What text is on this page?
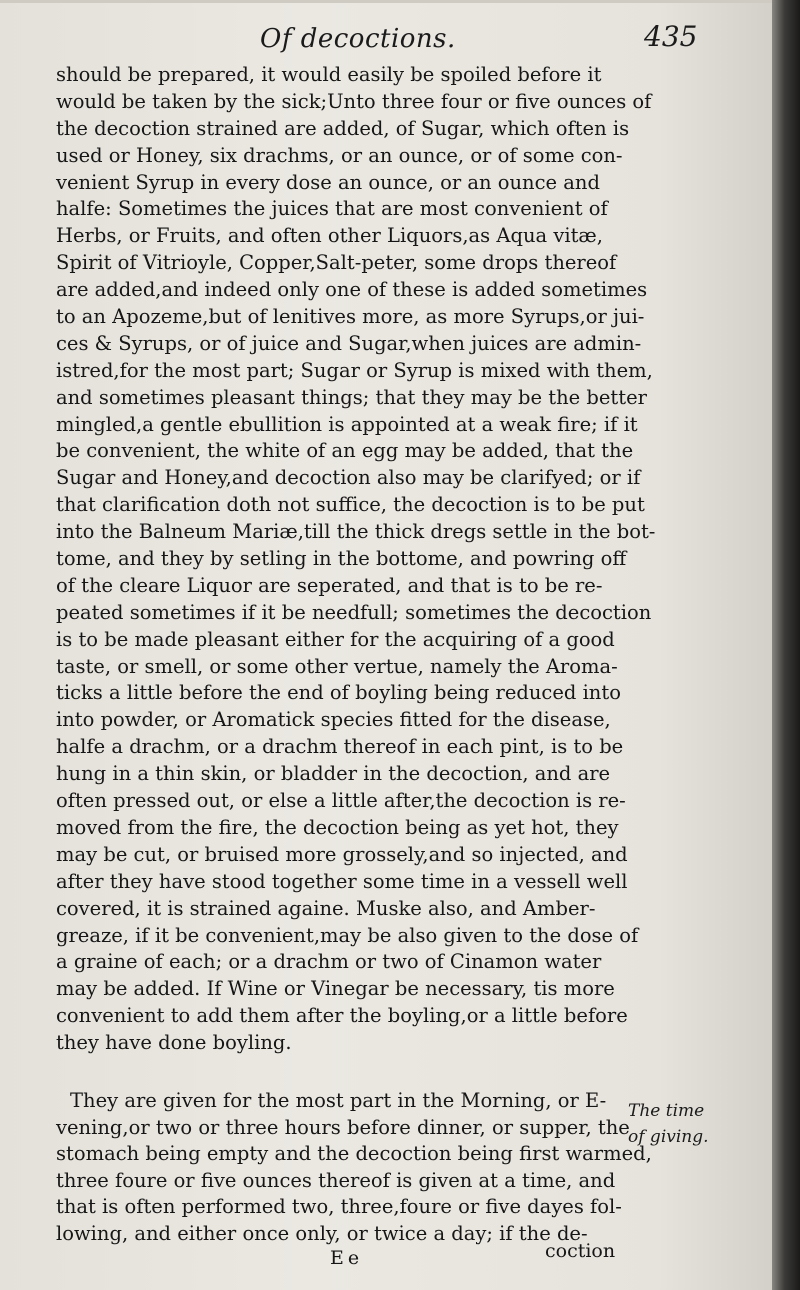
Of decoctions.	435
should be prepared, it would easily be spoiled before it
would be taken by the sick;Unto three four or five ounces of
the decoction strained are added, of Sugar, which often is
used or Honey, six drachms, or an ounce, or of some con-
venient Syrup in every dose an ounce, or an ounce and
halfe: Sometimes the juices that are most convenient of
Herbs, or Fruits, and often other Liquors,as Aqua vitæ,
Spirit of Vitrioyle, Copper,Salt-peter, some drops thereof
are added,and indeed only one of these is added sometimes
to an Apozeme,but of lenitives more, as more Syrups,or jui-
ces & Syrups, or of juice and Sugar,when juices are admin-
istred,for the most part; Sugar or Syrup is mixed with them,
and sometimes pleasant things; that they may be the better
mingled,a gentle ebullition is appointed at a weak fire; if it
be convenient, the white of an egg may be added, that the
Sugar and Honey,and decoction also may be clarifyed; or if
that clarification doth not suffice, the decoction is to be put
into the Balneum Mariæ,till the thick dregs settle in the bot-
tome, and they by setling in the bottome, and powring off
of the cleare Liquor are seperated, and that is to be re-
peated sometimes if it be needfull; sometimes the decoction
is to be made pleasant either for the acquiring of a good
taste, or smell, or some other vertue, namely the Aroma-
ticks a little before the end of boyling being reduced into
into powder, or Aromatick species fitted for the disease,
halfe a drachm, or a drachm thereof in each pint, is to be
hung in a thin skin, or bladder in the decoction, and are
often pressed out, or else a little after,the decoction is re-
moved from the fire, the decoction being as yet hot, they
may be cut, or bruised more grossely,and so injected, and
after they have stood together some time in a vessell well
covered, it is strained againe. Muske also, and Amber-
greaze, if it be convenient,may be also given to the dose of
a graine of each; or a drachm or two of Cinamon water
may be added. If Wine or Vinegar be necessary, tis more
convenient to add them after the boyling,or a little before
they have done boyling.
They are given for the most part in the Morning, or E-
vening,or two or three hours before dinner, or supper, the
stomach being empty and the decoction being first warmed,
three foure or five ounces thereof is given at a time, and
that is often performed two, three,foure or five dayes fol-
lowing, and either once only, or twice a day; if the de-
The time
of giving.
Ee	coction
